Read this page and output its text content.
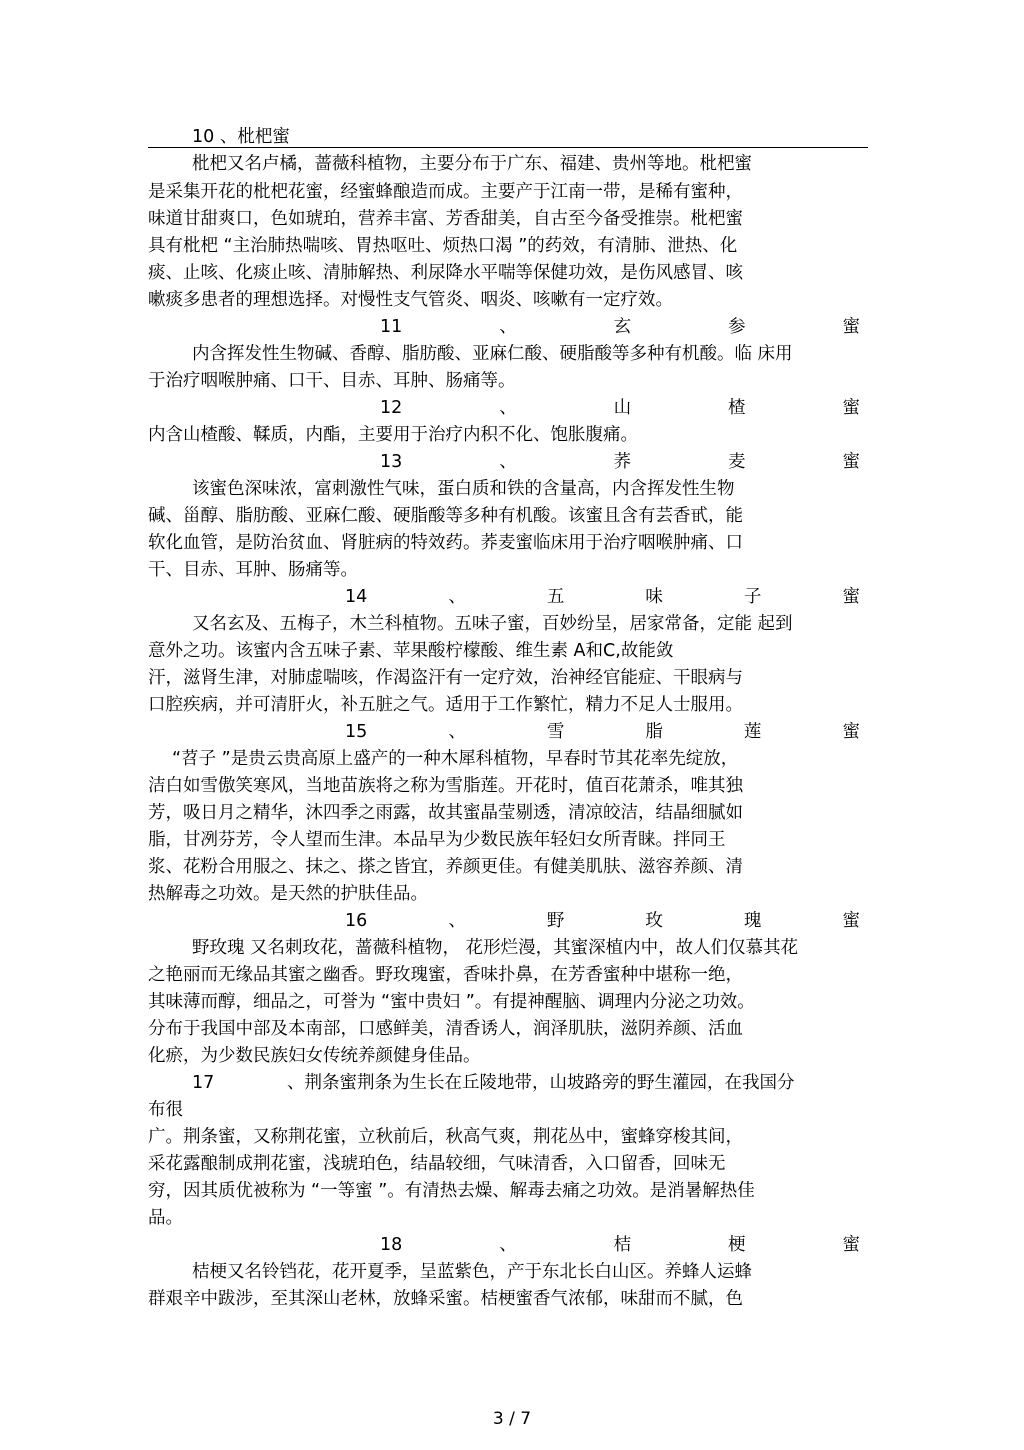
10 、枇杷蜜
枇杷又名卢橘，蔷薇科植物，主要分布于广东、福建、贵州等地。枇杷蜜
是采集开花的枇杷花蜜，经蜜蜂酿造而成。主要产于江南一带，是稀有蜜种，
味道甘甜爽口，色如琥珀，营养丰富、芳香甜美，自古至今备受推崇。枇杷蜜
具有枇杷 “主治肺热喘咳、胃热呕吐、烦热口渴 ”的药效，有清肺、泄热、化
痰、止咳、化痰止咳、清肺解热、利尿降水平喘等保健功效，是伤风感冒、咳
嗽痰多患者的理想选择。对慢性支气管炎、咽炎、咳嗽有一定疗效。
11	、	玄	参	蜜
内含挥发性生物碱、香醇、脂肪酸、亚麻仁酸、硬脂酸等多种有机酸。临 床用
于治疗咽喉肿痛、口干、目赤、耳肿、肠痛等。
12	、	山	楂	蜜
内含山楂酸、鞣质，内酯，主要用于治疗内积不化、饱胀腹痛。
13	、	荞	麦	蜜
该蜜色深味浓，富刺激性气味，蛋白质和铁的含量高，内含挥发性生物
碱、甾醇、脂肪酸、亚麻仁酸、硬脂酸等多种有机酸。该蜜且含有芸香甙，能
软化血管，是防治贫血、肾脏病的特效药。荞麦蜜临床用于治疗咽喉肿痛、口
干、目赤、耳肿、肠痛等。
14	、	五	味	子	蜜
又名玄及、五梅子，木兰科植物。五味子蜜，百妙纷呈，居家常备，定能 起到
意外之功。该蜜内含五味子素、苹果酸柠檬酸、维生素 A和C,故能敛
汗，滋肾生津，对肺虚喘咳，作渴盗汗有一定疗效，治神经官能症、干眼病与
口腔疾病，并可清肝火，补五脏之气。适用于工作繁忙，精力不足人士服用。
15	、	雪	脂	莲	蜜
“苕子 ”是贵云贵高原上盛产的一种木犀科植物，早春时节其花率先绽放，
洁白如雪傲笑寒风，当地苗族将之称为雪脂莲。开花时，值百花萧杀，唯其独
芳，吸日月之精华，沐四季之雨露，故其蜜晶莹剔透，清凉皎洁，结晶细腻如
脂，甘冽芬芳，令人望而生津。本品早为少数民族年轻妇女所青睐。拌同王
浆、花粉合用服之、抹之、搽之皆宜，养颜更佳。有健美肌肤、滋容养颜、清
热解毒之功效。是天然的护肤佳品。
16	、	野	玫	瑰	蜜
野玫瑰 又名刺玫花，蔷薇科植物， 花形烂漫，其蜜深植内中，故人们仅慕其花
之艳丽而无缘品其蜜之幽香。野玫瑰蜜，香味扑鼻，在芳香蜜种中堪称一绝，
其味薄而醇，细品之，可誉为 “蜜中贵妇 ”。有提神醒脑、调理内分泌之功效。
分布于我国中部及本南部，口感鲜美，清香诱人，润泽肌肤，滋阴养颜、活血
化瘀，为少数民族妇女传统养颜健身佳品。
17	、荆条蜜荆条为生长在丘陵地带，山坡路旁的野生灌园，在我国分
布很
广。荆条蜜，又称荆花蜜，立秋前后，秋高气爽，荆花丛中，蜜蜂穿梭其间，
采花露酿制成荆花蜜，浅琥珀色，结晶较细，气味清香，入口留香，回味无
穷，因其质优被称为 “一等蜜 ”。有清热去燥、解毒去痛之功效。是消暑解热佳
品。
18	、	桔	梗	蜜
桔梗又名铃铛花，花开夏季，呈蓝紫色，产于东北长白山区。养蜂人运蜂
群艰辛中跋涉，至其深山老林，放蜂采蜜。桔梗蜜香气浓郁，味甜而不腻，色
3 / 7
